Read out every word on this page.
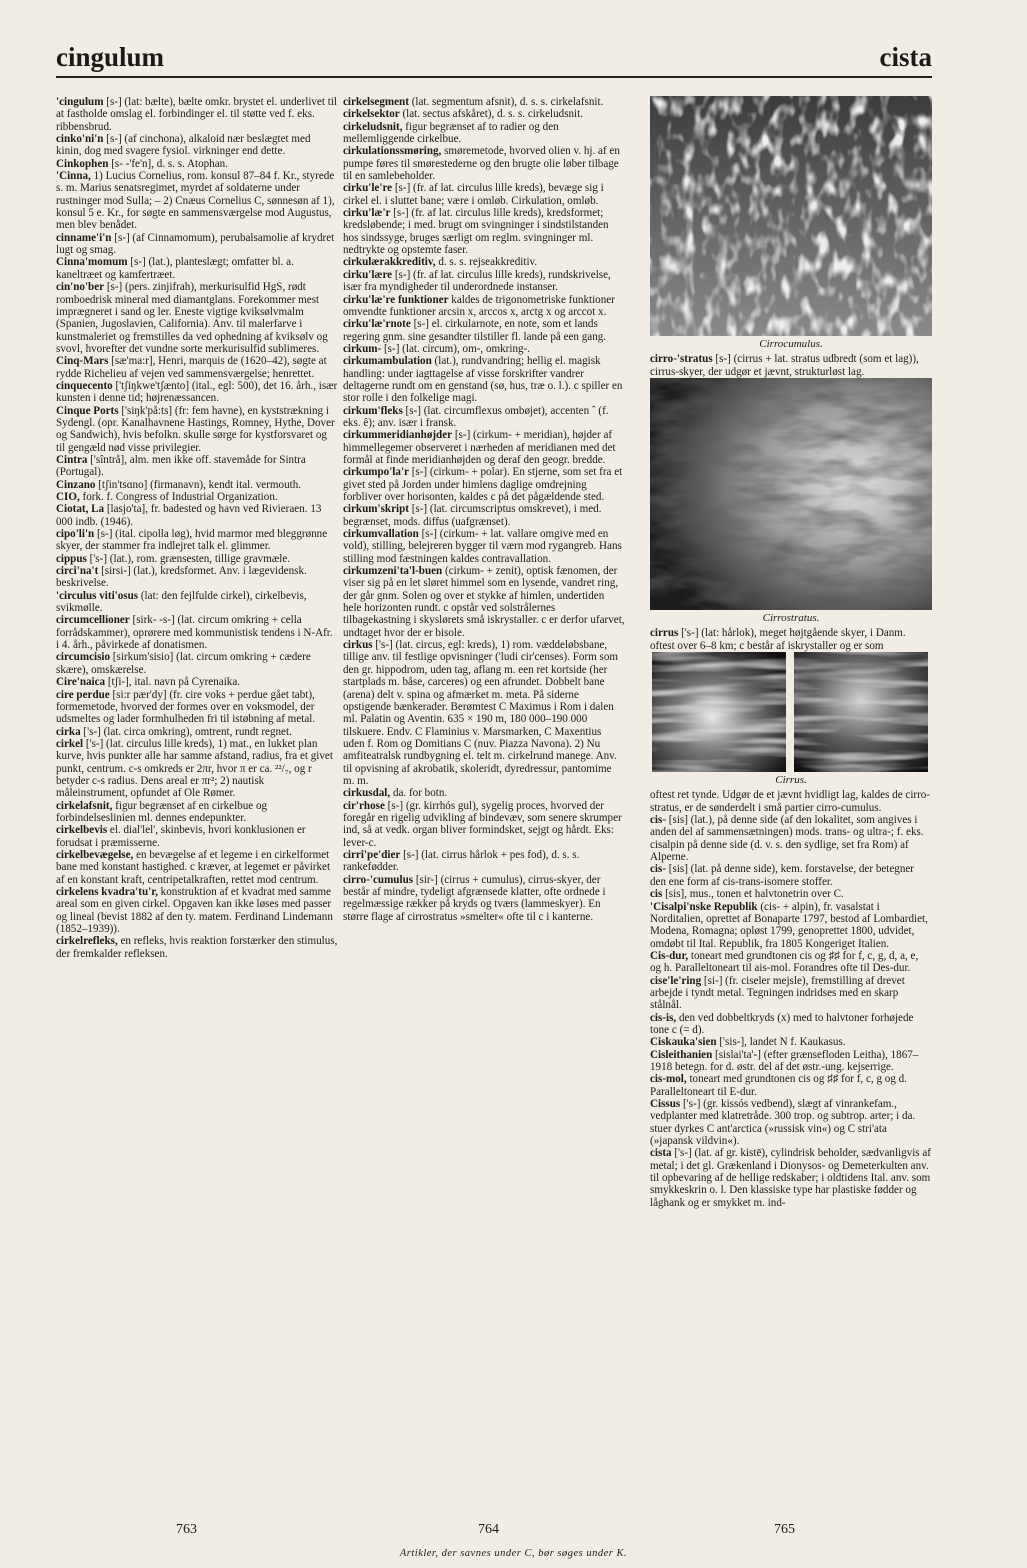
cingulum	cista
'cingulum [s-] (lat: bælte), bælte omkr. brystet el. underlivet til at fastholde omslag el. forbindinger el. til støtte ved f. eks. ribbensbrud.
cinko'ni'n [s-] (af cinchona), alkaloid nær beslægtet med kinin, dog med svagere fysiol. virkninger end dette.
Cinkophen [s- -'fe'n], d. s. s. Atophan.
'Cinna, 1) Lucius Cornelius, rom. konsul 87–84 f. Kr., styrede s. m. Marius senatsregimet, myrdet af soldaterne under rustninger mod Sulla; – 2) Cnæus Cornelius C, sønnesøn af 1), konsul 5 e. Kr., for søgte en sammensværgelse mod Augustus, men blev benådet.
cinname'i'n [s-] (af Cinnamomum), perubalsamolie af krydret lugt og smag.
Cinna'momum [s-] (lat.), planteslægt; omfatter bl. a. kaneltræet og kamfertræet.
cin'no'ber [s-] (pers. zinjifrah), merkurisulfid HgS, rødt romboedrisk mineral med diamantglans. Forekommer mest imprægneret i sand og ler. Eneste vigtige kviksølvmalm (Spanien, Jugoslavien, California). Anv. til malerfarve i kunstmaleriet og fremstilles da ved ophedning af kviksølv og svovl, hvorefter det vundne sorte merkurisulfid sublimeres.
Cinq-Mars [sæ'ma:r], Henri, marquis de (1620–42), søgte at rydde Richelieu af vejen ved sammensværgelse; henrettet.
cinquecento ['tʃiŋkwe'tʃænto] (ital., egl: 500), det 16. årh., især kunsten i denne tid; højrenæssancen.
Cinque Ports ['siŋk'på:ts] (fr: fem havne), en kyststrækning i Sydengl. (opr. Kanalhavnene Hastings, Romney, Hythe, Dover og Sandwich), hvis befolkn. skulle sørge for kystforsvaret og til gengæld nød visse privilegier.
Cintra ['sîntrå], alm. men ikke off. stavemåde for Sintra (Portugal).
Cinzano [tʃin'tsɑno] (firmanavn), kendt ital. vermouth.
CIO, fork. f. Congress of Industrial Organization.
Ciotat, La [lasjo'ta], fr. badested og havn ved Rivieraen. 13 000 indb. (1946).
cipo'li'n [s-] (ital. cipolla løg), hvid marmor med bleggrønne skyer, der stammer fra indlejret talk el. glimmer.
cippus ['s-] (lat.), rom. grænsesten, tillige gravmæle.
circi'na't [sirsi-] (lat.), kredsformet. Anv. i lægevidensk. beskrivelse.
'circulus viti'osus (lat: den fejlfulde cirkel), cirkelbevis, svikmølle.
circumcellioner [sirk- -s-] (lat. circum omkring + cella forrådskammer), oprørere med kommunistisk tendens i N-Afr. i 4. årh., påvirkede af donatismen.
circumcisio [sirkum'sisio] (lat. circum omkring + cædere skære), omskærelse.
Cire'naica [tʃi-], ital. navn på Cyrenaika.
cire perdue [si:r pær'dy] (fr. cire voks + perdue gået tabt), formemetode, hvorved der formes over en voksmodel, der udsmeltes og lader formhulheden fri til istøbning af metal.
cirka ['s-] (lat. circa omkring), omtrent, rundt regnet.
cirkel ['s-] (lat. circulus lille kreds), 1) mat., en lukket plan kurve, hvis punkter alle har samme afstand, radius, fra et givet punkt, centrum. c-s omkreds er 2πr, hvor π er ca. ²²/₇, og r betyder c-s radius. Dens areal er πr²; 2) nautisk måleinstrument, opfundet af Ole Rømer.
cirkelafsnit, figur begrænset af en cirkelbue og forbindelseslinien ml. dennes endepunkter.
cirkelbevis el. dial'lel', skinbevis, hvori konklusionen er forudsat i præmisserne.
cirkelbevægelse, en bevægelse af et legeme i en cirkelformet bane med konstant hastighed. c kræver, at legemet er påvirket af en konstant kraft, centripetalkraften, rettet mod centrum.
cirkelens kvadra'tu'r, konstruktion af et kvadrat med samme areal som en given cirkel. Opgaven kan ikke løses med passer og lineal (bevist 1882 af den ty. matem. Ferdinand Lindemann (1852–1939)).
cirkelrefleks, en refleks, hvis reaktion forstærker den stimulus, der fremkalder refleksen.
cirkelsegment (lat. segmentum afsnit), d. s. s. cirkelafsnit.
cirkelsektor (lat. sectus afskåret), d. s. s. cirkeludsnit.
cirkeludsnit, figur begrænset af to radier og den mellemliggende cirkelbue.
cirkulationssmøring, smøremetode, hvorved olien v. hj. af en pumpe føres til smørestederne og den brugte olie løber tilbage til en samlebeholder.
cirku'le're [s-] (fr. af lat. circulus lille kreds), bevæge sig i cirkel el. i sluttet bane; være i omløb. Cirkulation, omløb.
cirku'læ'r [s-] (fr. af lat. circulus lille kreds), kredsformet; kredsløbende; i med. brugt om svingninger i sindstilstanden hos sindssyge, bruges særligt om reglm. svingninger ml. nedtrykte og opstemte faser.
cirkulærakkreditiv, d. s. s. rejseakkreditiv.
cirku'lære [s-] (fr. af lat. circulus lille kreds), rundskrivelse, især fra myndigheder til underordnede instanser.
cirku'læ're funktioner kaldes de trigonometriske funktioner omvendte funktioner arcsin x, arccos x, arctg x og arccot x.
cirku'læ'rnote [s-] el. cirkularnote, en note, som et lands regering gnm. sine gesandter tilstiller fl. lande på een gang.
cirkum- [s-] (lat. circum), om-, omkring-.
cirkumambulation (lat.), rundvandring; hellig el. magisk handling: under iagttagelse af visse forskrifter vandrer deltagerne rundt om en genstand (sø, hus, træ o. l.). c spiller en stor rolle i den folkelige magi.
cirkum'fleks [s-] (lat. circumflexus ombøjet), accenten ˆ (f. eks. ê); anv. især i fransk.
cirkummeridianhøjder [s-] (cirkum- + meridian), højder af himmellegemer observeret i nærheden af meridianen med det formål at finde meridianhøjden og deraf den geogr. bredde.
cirkumpo'la'r [s-] (cirkum- + polar). En stjerne, som set fra et givet sted på Jorden under himlens daglige omdrejning forbliver over horisonten, kaldes c på det pågældende sted.
cirkum'skript [s-] (lat. circumscriptus omskrevet), i med. begrænset, mods. diffus (uafgrænset).
cirkumvallation [s-] (cirkum- + lat. vallare omgive med en vold), stilling, belejreren bygger til værn mod rygangreb. Hans stilling mod fæstningen kaldes contravallation.
cirkumzeni'ta'l-buen (cirkum- + zenit), optisk fænomen, der viser sig på en let sløret himmel som en lysende, vandret ring, der går gnm. Solen og over et stykke af himlen, undertiden hele horizonten rundt. c opstår ved solstrålernes tilbagekastning i skyslørets små iskrystaller. c er derfor ufarvet, undtaget hvor der er bisole.
cirkus ['s-] (lat. circus, egl: kreds), 1) rom. væddeløbsbane, tillige anv. til festlige opvisninger ('ludi cir'censes). Form som den gr. hippodrom, uden tag, aflang m. een ret kortside (her startplads m. båse, carceres) og een afrundet. Dobbelt bane (arena) delt v. spina og afmærket m. meta. På siderne opstigende bænkerader. Berømtest C Maximus i Rom i dalen ml. Palatin og Aventin. 635 × 190 m, 180 000–190 000 tilskuere. Endv. C Flaminius v. Marsmarken, C Maxentius uden f. Rom og Domitians C (nuv. Piazza Navona). 2) Nu amfiteatralsk rundbygning el. telt m. cirkelrund manege. Anv. til opvisning af akrobatik, skoleridt, dyredressur, pantomime m. m.
cirkusdal, da. for botn.
cir'rhose [s-] (gr. kirrhós gul), sygelig proces, hvorved der foregår en rigelig udvikling af bindevæv, som senere skrumper ind, så at vedk. organ bliver formindsket, sejgt og hårdt. Eks: lever-c.
cirri'pe'dier [s-] (lat. cirrus hårlok + pes fod), d. s. s. rankefødder.
cirro-'cumulus [sir-] (cirrus + cumulus), cirrus-skyer, der består af mindre, tydeligt afgrænsede klatter, ofte ordnede i regelmæssige rækker på kryds og tværs (lammeskyer). En større flage af cirrostratus »smelter« ofte til c i kanterne.
Cirrocumulus.
cirro-'stratus [s-] (cirrus + lat. stratus udbredt (som et lag)), cirrus-skyer, der udgør et jævnt, strukturløst lag.
Cirrostratus.
cirrus ['s-] (lat: hårlok), meget højtgående skyer, i Danm. oftest over 6–8 km; c består af iskrystaller og er som
Cirrus.
oftest ret tynde. Udgør de et jævnt hvidligt lag, kaldes de cirro-stratus, er de sønderdelt i små partier cirro-cumulus.
cis- [sis] (lat.), på denne side (af den lokalitet, som angives i anden del af sammensætningen) mods. trans- og ultra-; f. eks. cisalpin på denne side (d. v. s. den sydlige, set fra Rom) af Alperne.
cis- [sis] (lat. på denne side), kem. forstavelse, der betegner den ene form af cis-trans-isomere stoffer.
cis [sis], mus., tonen et halvtonetrin over C.
'Cisalpi'nske Republik (cis- + alpin), fr. vasalstat i Norditalien, oprettet af Bonaparte 1797, bestod af Lombardiet, Modena, Romagna; opløst 1799, genoprettet 1800, udvidet, omdøbt til Ital. Republik, fra 1805 Kongeriget Italien.
Cis-dur, toneart med grundtonen cis og ♯♯ for f, c, g, d, a, e, og h. Paralleltoneart til ais-mol. Forandres ofte til Des-dur.
cise'le'ring [si-] (fr. ciseler mejsle), fremstilling af drevet arbejde i tyndt metal. Tegningen indridses med en skarp stålnål.
cis-is, den ved dobbeltkryds (x) med to halvtoner forhøjede tone c (= d).
Ciskauka'sien ['sis-], landet N f. Kaukasus.
Cisleithanien [sislai'ta'-] (efter grænsefloden Leitha), 1867–1918 betegn. for d. østr. del af det østr.-ung. kejserrige.
cis-mol, toneart med grundtonen cis og ♯♯ for f, c, g og d. Paralleltoneart til E-dur.
Cissus ['s-] (gr. kissós vedbend), slægt af vinrankefam., vedplanter med klatretråde. 300 trop. og subtrop. arter; i da. stuer dyrkes C ant'arctica (»russisk vin«) og C stri'ata (»japansk vildvin«).
cista ['s-] (lat. af gr. kistē), cylindrisk beholder, sædvanligvis af metal; i det gl. Grækenland i Dionysos- og Demeterkulten anv. til opbevaring af de hellige redskaber; i oldtidens Ital. anv. som smykkeskrin o. l. Den klassiske type har plastiske fødder og låghank og er smykket m. ind-
763	764	765
Artikler, der savnes under C, bør søges under K.
